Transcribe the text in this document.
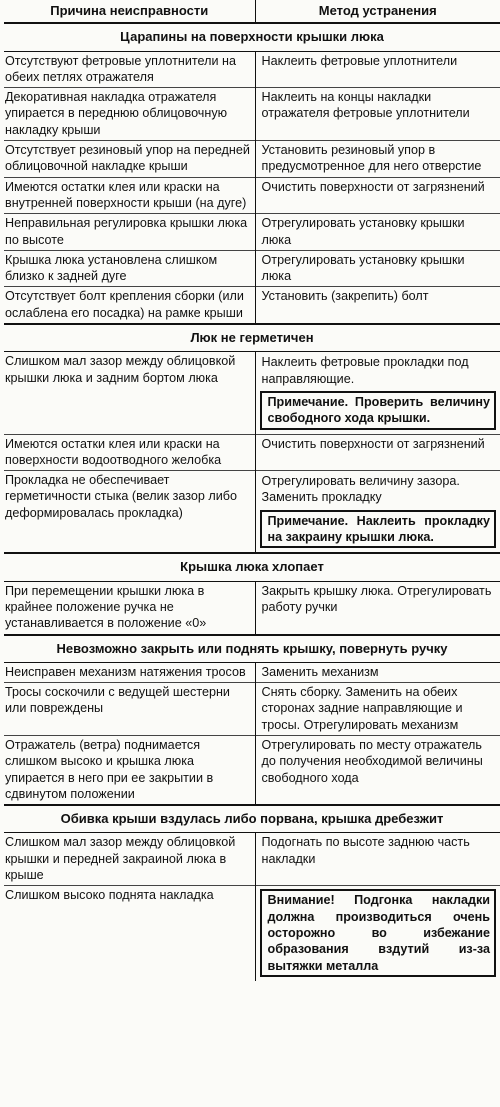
Причина неисправности	Метод устранения
Царапины на поверхности крышки люка	
Отсутствуют фетровые уплотнители на обеих петлях отражателя	Наклеить фетровые уплотнители

Декоративная накладка отражателя упирается в переднюю облицовочную накладку крыши	Наклеить на концы накладки отражателя фетровые уплотнители

Отсутствует резиновый упор на передней облицовочной накладке крыши	Установить резиновый упор в предусмотренное для него отверстие

Имеются остатки клея или краски на внутренней поверхности крыши (на дуге)	Очистить поверхности от загрязнений

Неправильная регулировка крышки люка по высоте	Отрегулировать установку крышки люка

Крышка люка установлена слишком близко к задней дуге	Отрегулировать установку крышки люка

Отсутствует болт крепления сборки (или ослаблена его посадка) на рамке крыши	Установить (закрепить) болт

Люк не герметичен	
Слишком мал зазор между облицовкой крышки люка и задним бортом люка	Наклеить фетровые прокладки под направляющие.
Примечание. Проверить величину свободного хода крышки.

Имеются остатки клея или краски на поверхности водоотводного желобка	Очистить поверхности от загрязнений

Прокладка не обеспечивает герметичности стыка (велик зазор либо деформировалась прокладка)	Отрегулировать величину зазора. Заменить прокладку
Примечание. Наклеить прокладку на закраину крышки люка.

Крышка люка хлопает	
При перемещении крышки люка в крайнее положение ручка не устанавливается в положение «0»	Закрыть крышку люка. Отрегулировать работу ручки

Невозможно закрыть или поднять крышку, повернуть ручку	
Неисправен механизм натяжения тросов	Заменить механизм

Тросы соскочили с ведущей шестерни или повреждены	Снять сборку. Заменить на обеих сторонах задние направляющие и тросы. Отрегулировать механизм

Отражатель (ветра) поднимается слишком высоко и крышка люка упирается в него при ее закрытии в сдвинутом положении	Отрегулировать по месту отражатель до получения необходимой величины свободного хода

Обивка крыши вздулась либо порвана, крышка дребезжит	
Слишком мал зазор между облицовкой крышки и передней закраиной люка в крыше	Подогнать по высоте заднюю часть накладки

Слишком высоко поднята накладка	Внимание! Подгонка накладки должна производиться очень осторожно во избежание образования вздутий из-за вытяжки металла
